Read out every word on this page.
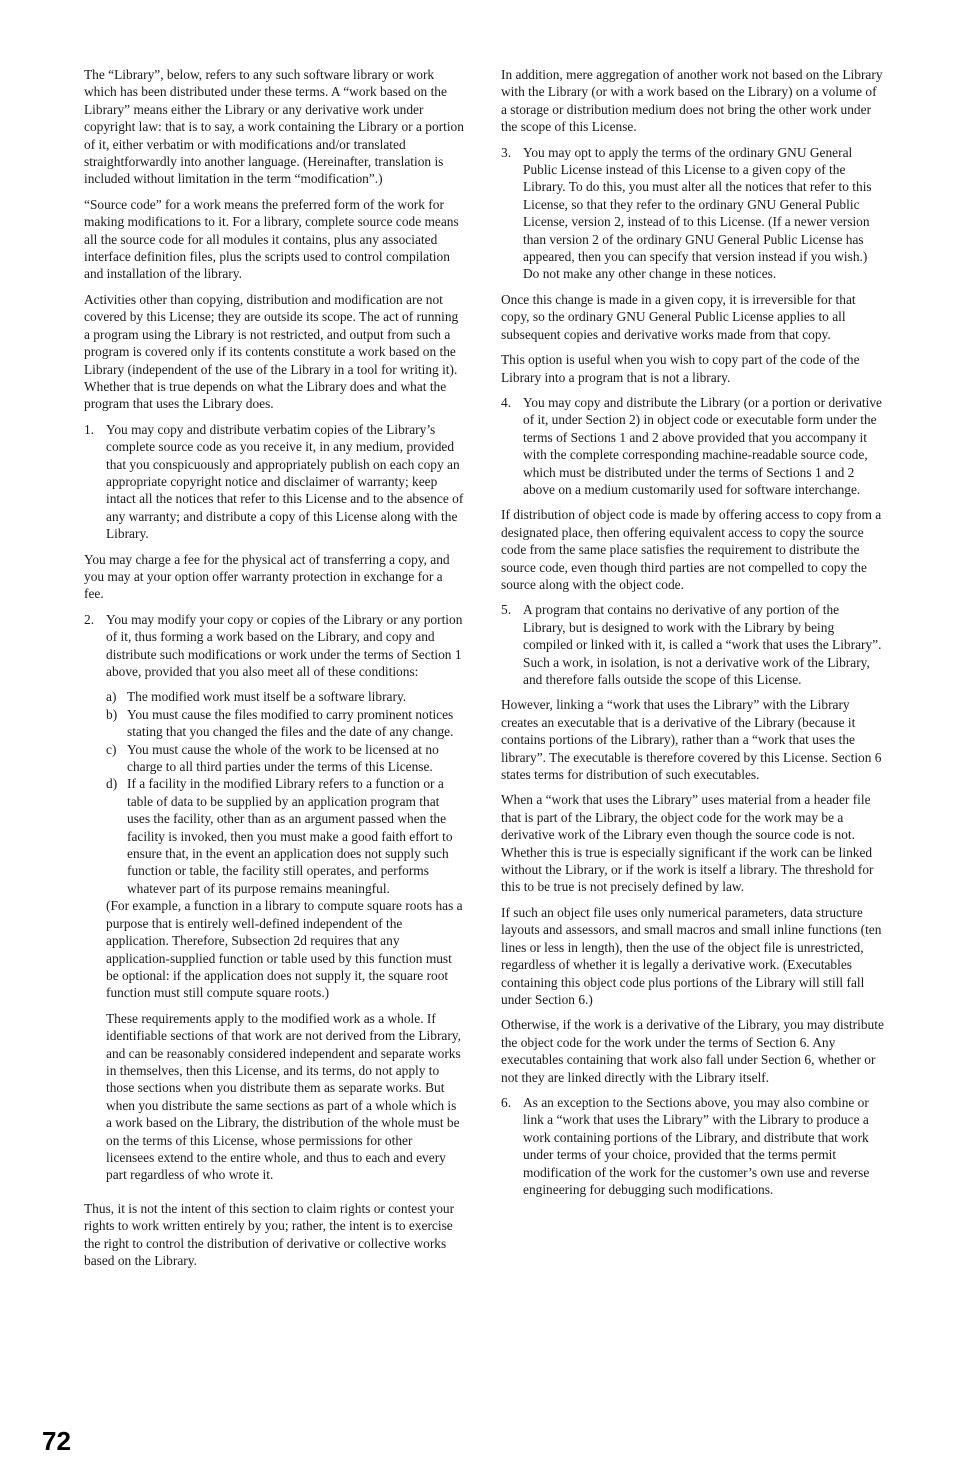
The “Library”, below, refers to any such software library or work which has been distributed under these terms. A “work based on the Library” means either the Library or any derivative work under copyright law: that is to say, a work containing the Library or a portion of it, either verbatim or with modifications and/or translated straightforwardly into another language. (Hereinafter, translation is included without limitation in the term “modification”.)

“Source code” for a work means the preferred form of the work for making modifications to it. For a library, complete source code means all the source code for all modules it contains, plus any associated interface definition files, plus the scripts used to control compilation and installation of the library.

Activities other than copying, distribution and modification are not covered by this License; they are outside its scope. The act of running a program using the Library is not restricted, and output from such a program is covered only if its contents constitute a work based on the Library (independent of the use of the Library in a tool for writing it). Whether that is true depends on what the Library does and what the program that uses the Library does.

1. You may copy and distribute verbatim copies of the Library’s complete source code as you receive it, in any medium, provided that you conspicuously and appropriately publish on each copy an appropriate copyright notice and disclaimer of warranty; keep intact all the notices that refer to this License and to the absence of any warranty; and distribute a copy of this License along with the Library.

You may charge a fee for the physical act of transferring a copy, and you may at your option offer warranty protection in exchange for a fee.

2. You may modify your copy or copies of the Library or any portion of it, thus forming a work based on the Library, and copy and distribute such modifications or work under the terms of Section 1 above, provided that you also meet all of these conditions:

a) The modified work must itself be a software library.
b) You must cause the files modified to carry prominent notices stating that you changed the files and the date of any change.
c) You must cause the whole of the work to be licensed at no charge to all third parties under the terms of this License.
d) If a facility in the modified Library refers to a function or a table of data to be supplied by an application program that uses the facility, other than as an argument passed when the facility is invoked, then you must make a good faith effort to ensure that, in the event an application does not supply such function or table, the facility still operates, and performs whatever part of its purpose remains meaningful.

(For example, a function in a library to compute square roots has a purpose that is entirely well-defined independent of the application. Therefore, Subsection 2d requires that any application-supplied function or table used by this function must be optional: if the application does not supply it, the square root function must still compute square roots.)

These requirements apply to the modified work as a whole. If identifiable sections of that work are not derived from the Library, and can be reasonably considered independent and separate works in themselves, then this License, and its terms, do not apply to those sections when you distribute them as separate works. But when you distribute the same sections as part of a whole which is a work based on the Library, the distribution of the whole must be on the terms of this License, whose permissions for other licensees extend to the entire whole, and thus to each and every part regardless of who wrote it.

Thus, it is not the intent of this section to claim rights or contest your rights to work written entirely by you; rather, the intent is to exercise the right to control the distribution of derivative or collective works based on the Library.

In addition, mere aggregation of another work not based on the Library with the Library (or with a work based on the Library) on a volume of a storage or distribution medium does not bring the other work under the scope of this License.

3. You may opt to apply the terms of the ordinary GNU General Public License instead of this License to a given copy of the Library. To do this, you must alter all the notices that refer to this License, so that they refer to the ordinary GNU General Public License, version 2, instead of to this License. (If a newer version than version 2 of the ordinary GNU General Public License has appeared, then you can specify that version instead if you wish.) Do not make any other change in these notices.

Once this change is made in a given copy, it is irreversible for that copy, so the ordinary GNU General Public License applies to all subsequent copies and derivative works made from that copy.

This option is useful when you wish to copy part of the code of the Library into a program that is not a library.

4. You may copy and distribute the Library (or a portion or derivative of it, under Section 2) in object code or executable form under the terms of Sections 1 and 2 above provided that you accompany it with the complete corresponding machine-readable source code, which must be distributed under the terms of Sections 1 and 2 above on a medium customarily used for software interchange.

If distribution of object code is made by offering access to copy from a designated place, then offering equivalent access to copy the source code from the same place satisfies the requirement to distribute the source code, even though third parties are not compelled to copy the source along with the object code.

5. A program that contains no derivative of any portion of the Library, but is designed to work with the Library by being compiled or linked with it, is called a “work that uses the Library”. Such a work, in isolation, is not a derivative work of the Library, and therefore falls outside the scope of this License.

However, linking a “work that uses the Library” with the Library creates an executable that is a derivative of the Library (because it contains portions of the Library), rather than a “work that uses the library”. The executable is therefore covered by this License. Section 6 states terms for distribution of such executables.

When a “work that uses the Library” uses material from a header file that is part of the Library, the object code for the work may be a derivative work of the Library even though the source code is not. Whether this is true is especially significant if the work can be linked without the Library, or if the work is itself a library. The threshold for this to be true is not precisely defined by law.

If such an object file uses only numerical parameters, data structure layouts and assessors, and small macros and small inline functions (ten lines or less in length), then the use of the object file is unrestricted, regardless of whether it is legally a derivative work. (Executables containing this object code plus portions of the Library will still fall under Section 6.)

Otherwise, if the work is a derivative of the Library, you may distribute the object code for the work under the terms of Section 6. Any executables containing that work also fall under Section 6, whether or not they are linked directly with the Library itself.

6. As an exception to the Sections above, you may also combine or link a “work that uses the Library” with the Library to produce a work containing portions of the Library, and distribute that work under terms of your choice, provided that the terms permit modification of the work for the customer’s own use and reverse engineering for debugging such modifications.
72
